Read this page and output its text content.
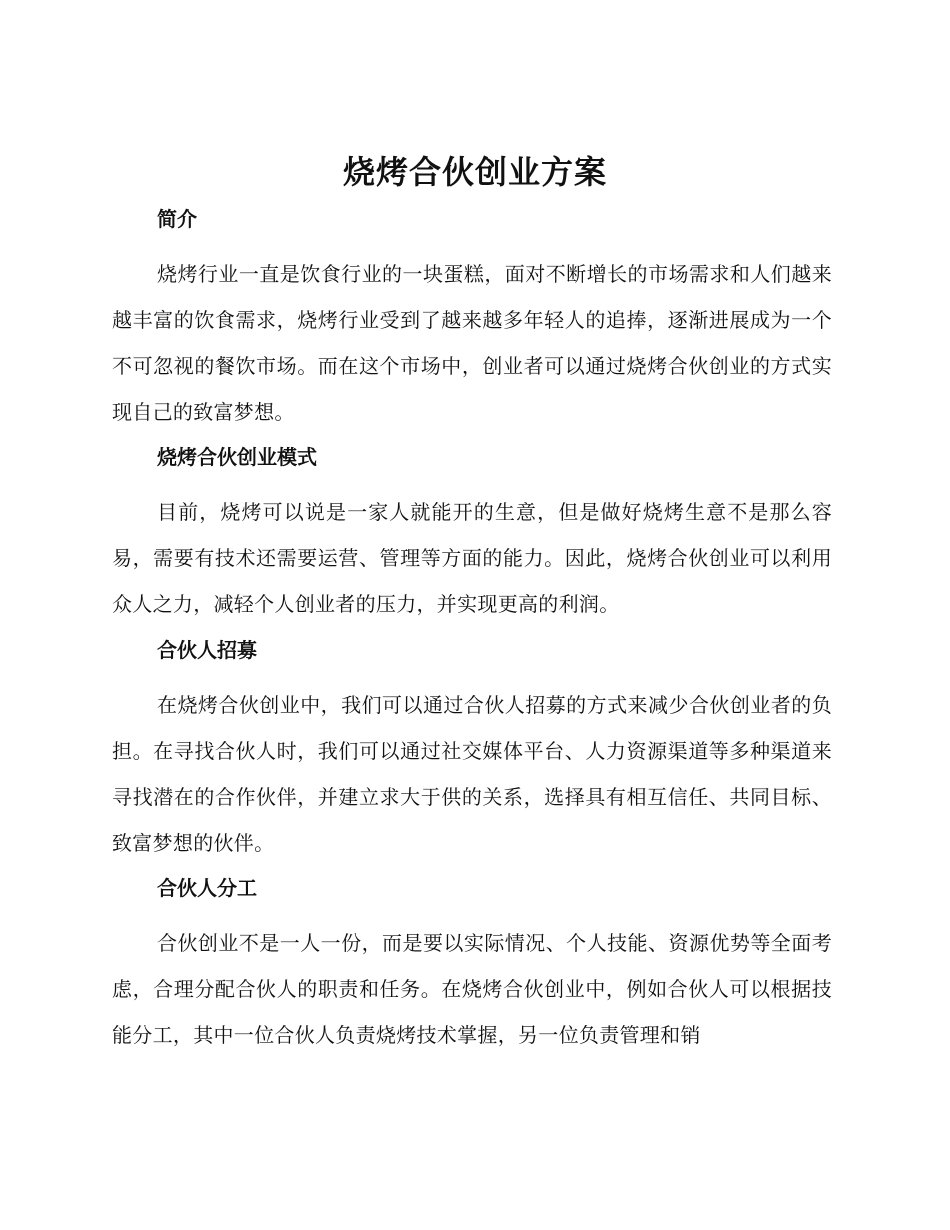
烧烤合伙创业方案
简介

烧烤行业一直是饮食行业的一块蛋糕，面对不断增长的市场需求和人们越来越丰富的饮食需求，烧烤行业受到了越来越多年轻人的追捧，逐渐进展成为一个不可忽视的餐饮市场。而在这个市场中，创业者可以通过烧烤合伙创业的方式实现自己的致富梦想。

烧烤合伙创业模式

目前，烧烤可以说是一家人就能开的生意，但是做好烧烤生意不是那么容易，需要有技术还需要运营、管理等方面的能力。因此，烧烤合伙创业可以利用众人之力，减轻个人创业者的压力，并实现更高的利润。

合伙人招募

在烧烤合伙创业中，我们可以通过合伙人招募的方式来减少合伙创业者的负担。在寻找合伙人时，我们可以通过社交媒体平台、人力资源渠道等多种渠道来寻找潜在的合作伙伴，并建立求大于供的关系，选择具有相互信任、共同目标、致富梦想的伙伴。

合伙人分工

合伙创业不是一人一份，而是要以实际情况、个人技能、资源优势等全面考虑，合理分配合伙人的职责和任务。在烧烤合伙创业中，例如合伙人可以根据技能分工，其中一位合伙人负责烧烤技术掌握，另一位负责管理和销
